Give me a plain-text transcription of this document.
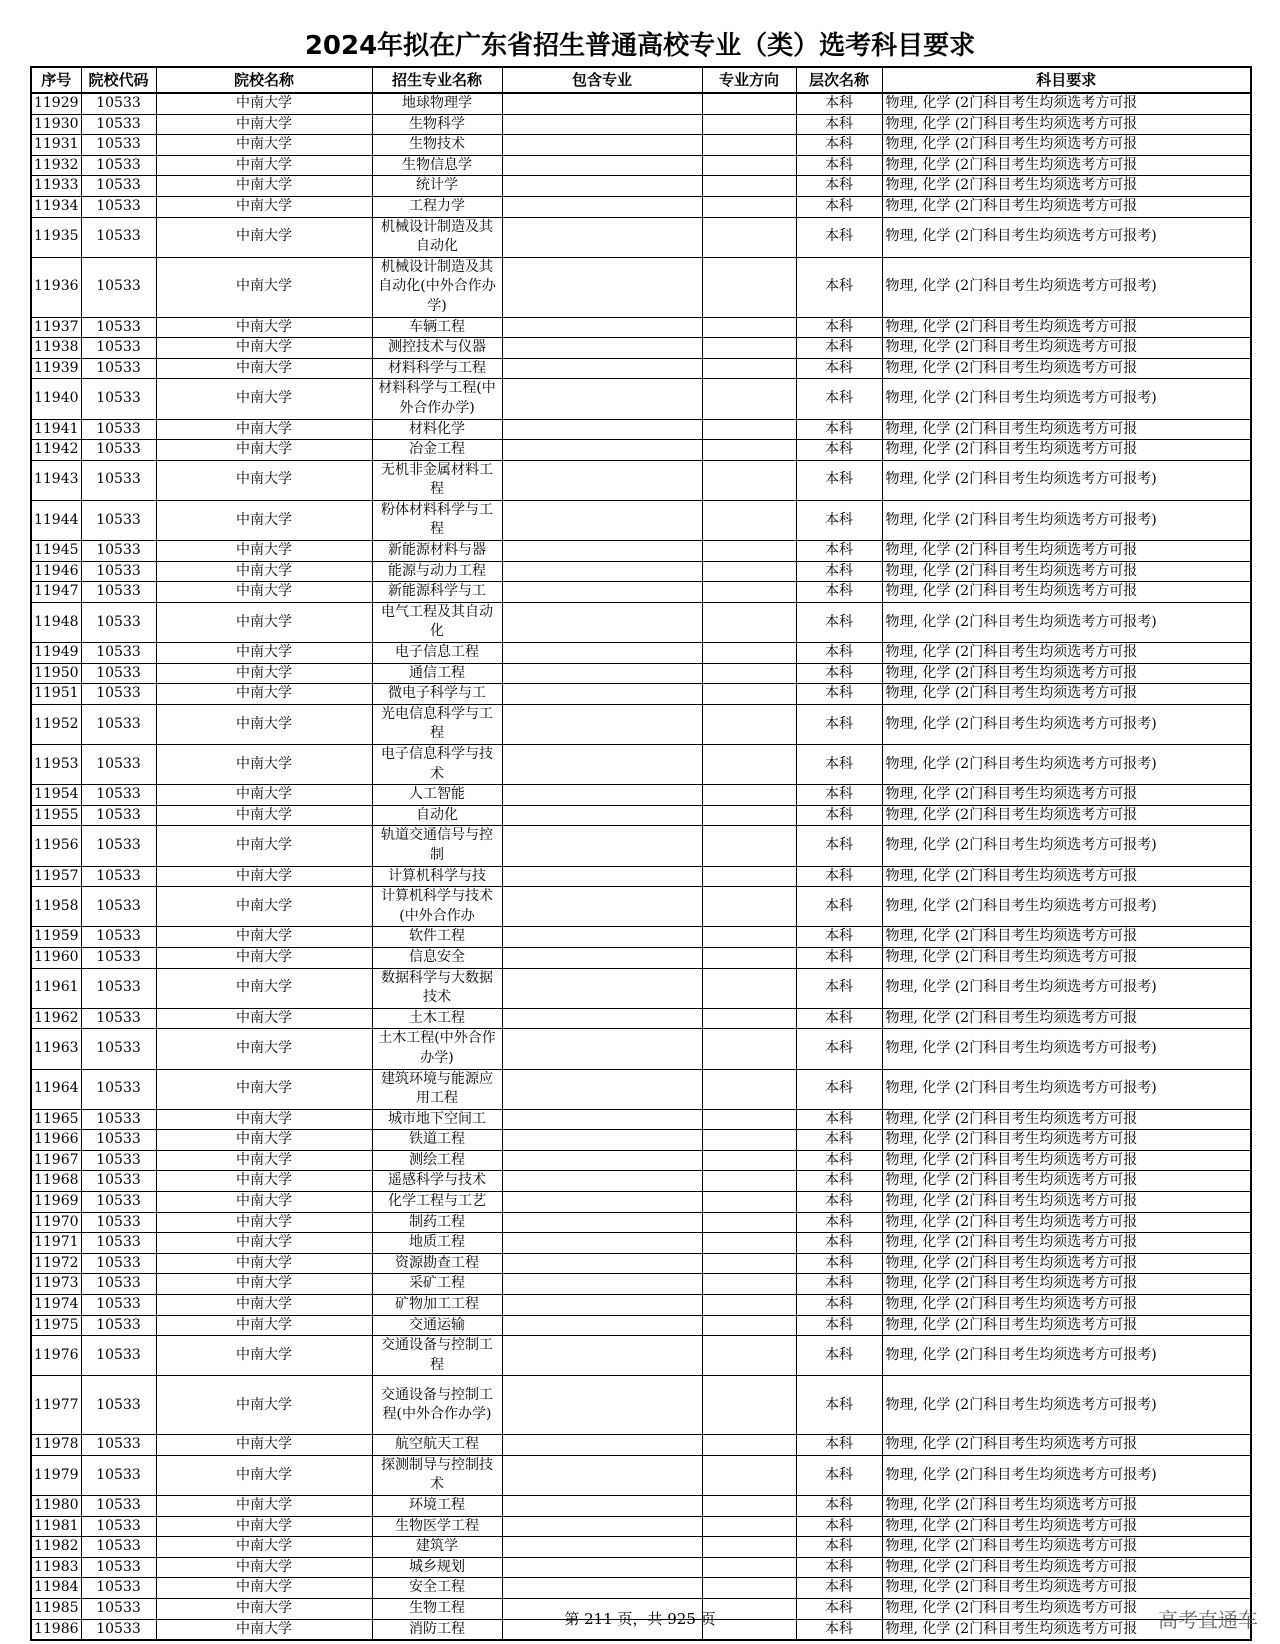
2024年拟在广东省招生普通高校专业（类）选考科目要求
序号	院校代码	院校名称	招生专业名称	包含专业	专业方向	层次名称	科目要求
11929	10533	中南大学	地球物理学			本科	物理, 化学 (2门科目考生均须选考方可报
11930	10533	中南大学	生物科学			本科	物理, 化学 (2门科目考生均须选考方可报
11931	10533	中南大学	生物技术			本科	物理, 化学 (2门科目考生均须选考方可报
11932	10533	中南大学	生物信息学			本科	物理, 化学 (2门科目考生均须选考方可报
11933	10533	中南大学	统计学			本科	物理, 化学 (2门科目考生均须选考方可报
11934	10533	中南大学	工程力学			本科	物理, 化学 (2门科目考生均须选考方可报
11935	10533	中南大学	机械设计制造及其自动化			本科	物理, 化学 (2门科目考生均须选考方可报考)
11936	10533	中南大学	机械设计制造及其自动化(中外合作办学)			本科	物理, 化学 (2门科目考生均须选考方可报考)
11937	10533	中南大学	车辆工程			本科	物理, 化学 (2门科目考生均须选考方可报
11938	10533	中南大学	测控技术与仪器			本科	物理, 化学 (2门科目考生均须选考方可报
11939	10533	中南大学	材料科学与工程			本科	物理, 化学 (2门科目考生均须选考方可报
11940	10533	中南大学	材料科学与工程(中外合作办学)			本科	物理, 化学 (2门科目考生均须选考方可报考)
11941	10533	中南大学	材料化学			本科	物理, 化学 (2门科目考生均须选考方可报
11942	10533	中南大学	冶金工程			本科	物理, 化学 (2门科目考生均须选考方可报
11943	10533	中南大学	无机非金属材料工程			本科	物理, 化学 (2门科目考生均须选考方可报考)
11944	10533	中南大学	粉体材料科学与工程			本科	物理, 化学 (2门科目考生均须选考方可报考)
11945	10533	中南大学	新能源材料与器			本科	物理, 化学 (2门科目考生均须选考方可报
11946	10533	中南大学	能源与动力工程			本科	物理, 化学 (2门科目考生均须选考方可报
11947	10533	中南大学	新能源科学与工			本科	物理, 化学 (2门科目考生均须选考方可报
11948	10533	中南大学	电气工程及其自动化			本科	物理, 化学 (2门科目考生均须选考方可报考)
11949	10533	中南大学	电子信息工程			本科	物理, 化学 (2门科目考生均须选考方可报
11950	10533	中南大学	通信工程			本科	物理, 化学 (2门科目考生均须选考方可报
11951	10533	中南大学	微电子科学与工			本科	物理, 化学 (2门科目考生均须选考方可报
11952	10533	中南大学	光电信息科学与工程			本科	物理, 化学 (2门科目考生均须选考方可报考)
11953	10533	中南大学	电子信息科学与技术			本科	物理, 化学 (2门科目考生均须选考方可报考)
11954	10533	中南大学	人工智能			本科	物理, 化学 (2门科目考生均须选考方可报
11955	10533	中南大学	自动化			本科	物理, 化学 (2门科目考生均须选考方可报
11956	10533	中南大学	轨道交通信号与控制			本科	物理, 化学 (2门科目考生均须选考方可报考)
11957	10533	中南大学	计算机科学与技			本科	物理, 化学 (2门科目考生均须选考方可报
11958	10533	中南大学	计算机科学与技术(中外合作办			本科	物理, 化学 (2门科目考生均须选考方可报考)
11959	10533	中南大学	软件工程			本科	物理, 化学 (2门科目考生均须选考方可报
11960	10533	中南大学	信息安全			本科	物理, 化学 (2门科目考生均须选考方可报
11961	10533	中南大学	数据科学与大数据技术			本科	物理, 化学 (2门科目考生均须选考方可报考)
11962	10533	中南大学	土木工程			本科	物理, 化学 (2门科目考生均须选考方可报
11963	10533	中南大学	土木工程(中外合作办学)			本科	物理, 化学 (2门科目考生均须选考方可报考)
11964	10533	中南大学	建筑环境与能源应用工程			本科	物理, 化学 (2门科目考生均须选考方可报考)
11965	10533	中南大学	城市地下空间工			本科	物理, 化学 (2门科目考生均须选考方可报
11966	10533	中南大学	铁道工程			本科	物理, 化学 (2门科目考生均须选考方可报
11967	10533	中南大学	测绘工程			本科	物理, 化学 (2门科目考生均须选考方可报
11968	10533	中南大学	遥感科学与技术			本科	物理, 化学 (2门科目考生均须选考方可报
11969	10533	中南大学	化学工程与工艺			本科	物理, 化学 (2门科目考生均须选考方可报
11970	10533	中南大学	制药工程			本科	物理, 化学 (2门科目考生均须选考方可报
11971	10533	中南大学	地质工程			本科	物理, 化学 (2门科目考生均须选考方可报
11972	10533	中南大学	资源勘查工程			本科	物理, 化学 (2门科目考生均须选考方可报
11973	10533	中南大学	采矿工程			本科	物理, 化学 (2门科目考生均须选考方可报
11974	10533	中南大学	矿物加工工程			本科	物理, 化学 (2门科目考生均须选考方可报
11975	10533	中南大学	交通运输			本科	物理, 化学 (2门科目考生均须选考方可报
11976	10533	中南大学	交通设备与控制工程			本科	物理, 化学 (2门科目考生均须选考方可报考)
11977	10533	中南大学	交通设备与控制工程(中外合作办学)			本科	物理, 化学 (2门科目考生均须选考方可报考)
11978	10533	中南大学	航空航天工程			本科	物理, 化学 (2门科目考生均须选考方可报
11979	10533	中南大学	探测制导与控制技术			本科	物理, 化学 (2门科目考生均须选考方可报考)
11980	10533	中南大学	环境工程			本科	物理, 化学 (2门科目考生均须选考方可报
11981	10533	中南大学	生物医学工程			本科	物理, 化学 (2门科目考生均须选考方可报
11982	10533	中南大学	建筑学			本科	物理, 化学 (2门科目考生均须选考方可报
11983	10533	中南大学	城乡规划			本科	物理, 化学 (2门科目考生均须选考方可报
11984	10533	中南大学	安全工程			本科	物理, 化学 (2门科目考生均须选考方可报
11985	10533	中南大学	生物工程			本科	物理, 化学 (2门科目考生均须选考方可报
11986	10533	中南大学	消防工程			本科	物理, 化学 (2门科目考生均须选考方可报
第 211 页，共 925 页	高考直通车
